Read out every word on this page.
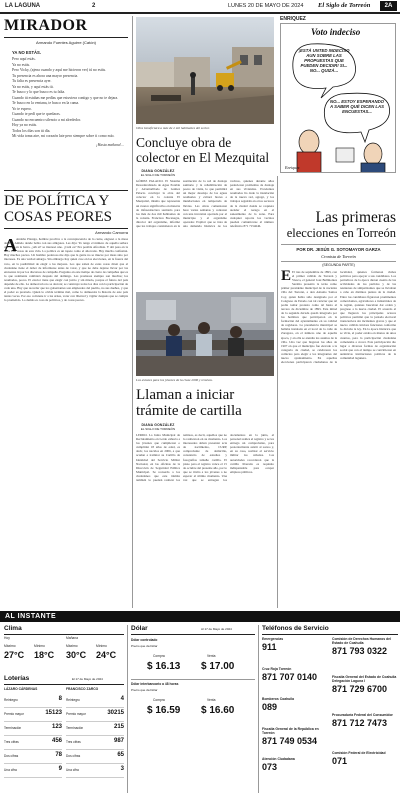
LA LAGUNA	2	LUNES 20 DE MAYO DE 2024 El Siglo de Torreón	2A
MIRADOR
Armando Fuentes Aguirre (Catón)
YA NO ESTÁS.
Pero aquí estás.
Ya no estás.
Pero Vicky, (ajena cuando y aquí me hicieron ver) tú no estás.
Tu presencia es ahora una mayor presencia.
Tu falta es presencia ayer.
Ya no estás, y aquí estás tú.
Te busco y lo que busco es tu falta.
Cuando tú estabas me pedías que estuviera contigo y que no te dejara.
Te busco en la ventana, te busco en la cama.
Yo te espero.
Cuando te pedí que te quedaras.
Cuando no encuentro silencio a mi alrededor.
Hoy ya no estás.
Todos los días son tú día.
Mi vida toma aire, mi corazón late pero siempre sobre ti como mío.
¡Hasta mañana!...
DE POLÍTICA Y
COSAS PEORES
Armando Camorra
A Andaba Pitonga, hombre proclive a la concupiscencia de la carne, engresó a la mesa del Bar Anhelo donde bebía con sus amigotes. Les dijo: Yo tengo el número de aquella señora que está en la barra. ¿Ah sí? se interesó uno. ¿Cuál es? Era posible Afrodisia. Y ahí pasa en la nota. Las cosas de esta vida. La política es un tapete como el ahorcado. Hay mucha confusión. Hay muchos pactos. Un hombre poderoso me dijo que la gente no se mueve por ideas sino por intereses. Es una verdad amarga. Sin embargo hay quien cree en las elecciones, en la fuerza del voto, en la posibilidad de elegir a los mejores. Los que saben de estas cosas dicen que el ciudadano tiene el deber de informarse antes de votar, y que no debe dejarse llevar por las encuestas ni por los discursos de campaña. Pregunto en este tiempo de cierre de campañas qué es lo que realmente cambiará después del domingo. Las promesas siempre son muchas; los resultados, pocos. El elector tiene que elegir con juicio y sin miedo, porque el futuro del país depende de ello. La democracia no se decreta; se construye todos los días con la participación de cada uno. Hay que recordar que los gobernantes son empleados del pueblo, no sus dueños, y que el poder es prestado. Quien lo olvida termina mal, como lo demuestra la historia de este país tantas veces. Por eso conviene ir a las urnas, votar con libertad y vigilar después que se cumpla lo prometido. Lo demás es cosa de políticos, y de cosas peores.
Obra beneficiará a más de 2 mil habitantes del sector.
Concluye obra de colector en El Mezquital
DIANA GONZÁLEZ
EL SIGLO DE TORREÓN
GÓMEZ PALACIO. El Sistema Descentralizado de Agua Potable y Alcantarillado de Gómez Palacio concluyó la obra del colector en la colonia El Mezquital, misma que representa un avance significativo en materia de infraestructura sanitaria para los más de dos mil habitantes de la colonia. Francisco Bocanegra, director del organismo, informó que los trabajos consistieron en la sustitución de la red de drenaje sanitario y la rehabilitación de pozos de visita, lo que permitirá un mejor desalojo de las aguas residuales y evitará brotes e inundaciones en temporada de lluvias. Las obras comenzaron hace varias semanas y contaron con una inversión aportada por el municipio y el organismo operador. Explicó que se trata de una demanda histórica de los vecinos, quienes durante años padecieron problemas de drenaje en sus viviendas. Excelentes resultados ha dado la instalación de la nueva red, agregó, y los trabajos seguirán en otros sectores de la ciudad donde se requiere atender el rezago en el saneamiento de la zona. Para cualquier reporte los vecinos pueden comunicarse al número telefónico 871 7154646.
ENRIQUEZ
Voto indeciso
¡ESTÁ UNTED INDECISO AUN SOBRE LAS PROPUESTAS QUE PUEDEN DECIDIR! SI... NO... QUIZÁ...
NO... ESTOY ESPERANDO A SABER QUÉ DICEN LAS ENCUESTAS...
Enriquez
Los aviones para los jóvenes de la clase 2006 y remisos.
Llaman a iniciar
trámite de cartilla
DIANA GONZÁLEZ
EL SIGLO DE TORREÓN
LERDO. La Junta Municipal de Reclutamiento en Lerdo exhorta a los jóvenes que cumplieron o cumplirán 18 años de edad, es decir, los nacidos en 2006, a que acudan a tramitar su Cartilla de Identidad del Servicio Militar Nacional, en las oficinas de la Dirección de Seguridad Pública Municipal. Se recuerda a los ciudadanos que este trámite también lo pueden realizar los remisos, es decir, aquellos que no lo realizaron en su momento. Los interesados deben presentar acta de nacimiento, CURP, comprobante de domicilio, constancia de estudios y fotografías tamaño cartilla. El plazo para el registro vence el 15 de octubre del presente año, por lo que se invita a los jóvenes a no esperar al último momento. Una vez que se entregan los documentos en la junta, el personal realiza el registro y se les entrega un comprobante, para posteriormente asistir al sorteo y, en su caso, realizar el servicio militar los sábados. Las autoridades recordaron que la cartilla liberada es requisito indispensable para ocupar empleos públicos.
Las primeras
elecciones en Torreón
POR DR. JESÚS G. SOTOMAYOR GARZA
Cronista de Torreón
(SEGUNDA PARTE)
E El tres de septiembre de 1893, con el primer cabildo de Torreón y Viesca, el general José Bellmontes Sarabia presentó la terna como primer presidente municipal de la naciente villa del Torreón, a don Antonio Santos Coy, quien había sido designado por el Congreso de Estado con tal carácter que tal podía tomar protesta como tal hasta el tercero de diciembre de 1893. Esta mitad de la segunda década quedó integrada por los hombres que participaron en la formación del ayuntamiento en su calidad de regidores. La presidencia municipal se hallaba instalada en el local de la calle de Zaragoza, en el número uno de aquella época, y en ella se atendía los asuntos de la villa. Una vez que llegaron los años de 1907 en que el municipio fue elevado a la categoría de ciudad, se celebraron los comicios para elegir a los integrantes del nuevo ayuntamiento. En aquellas elecciones participaron ciudadanos de la localidad, quienes formaron clubes políticos para apoyar a sus candidatos. Los periódicos de la época dieron cuenta de las actividades de los partidos y de las reuniones de simpatizantes que se llevaban a cabo en distintos puntos de la ciudad. Entre los candidatos figuraron prominentes comerciantes, agricultores e industriales de la región, quienes buscaban dar orden y progreso a la nueva ciudad. El acuerdo al que llegaron los principales actores políticos permitió que la jornada electoral transcurriera sin incidentes graves y que el nuevo cabildo iniciara funciones conforme lo dictaba la ley. En la época histórica que se vivía, el poder estaba en manos de unos cuantos, pero la participación ciudadana comenzaba a crecer. Esta participación dio lugar a diversas formas de organización social que con el tiempo se convirtieron en auténticas instituciones políticas de la comunidad lagunera.
AL INSTANTE
Clima
Hoy	Mañana
Máximo	Mínimo	Máximo	Mínimo
27°C 18°C 30°C 24°C
Loterías	El 17 de Mayo de 2024
LÁZARO CÁRDENAS	FRANCISCO ZARCO
Reintegro	8
Premio mayor	15123
Terminación	123
Tres cifras	456
Dos cifras	78
Una cifra	9
Reintegro	4
Premio mayor	30215
Terminación	215
Tres cifras	987
Dos cifras	65
Una cifra	3
Dólar	Al 17 de Mayo de 2024
Dólar controlado
Precio que da Dólar
Compra	Venta
$ 16.13 $ 17.00
Dólar interbancario a 48 horas
Precio que da Dólar
Compra	Venta
$ 16.59 $ 16.60
Teléfonos de Servicio
Emergencias
911
Cruz Roja Torreón
871 707 0140
Bomberos Coahuila
089
Fiscalía General de la República en Torreón
871 749 0534
Atención Ciudadana
073
Comisión de Derechos Humanos del Estado de Coahuila
871 793 0322
Fiscalía General del Estado de Coahuila Delegación Laguna I
871 729 6700
Procuraduría Federal del Consumidor
871 712 7473
Comisión Federal de Electricidad
071
